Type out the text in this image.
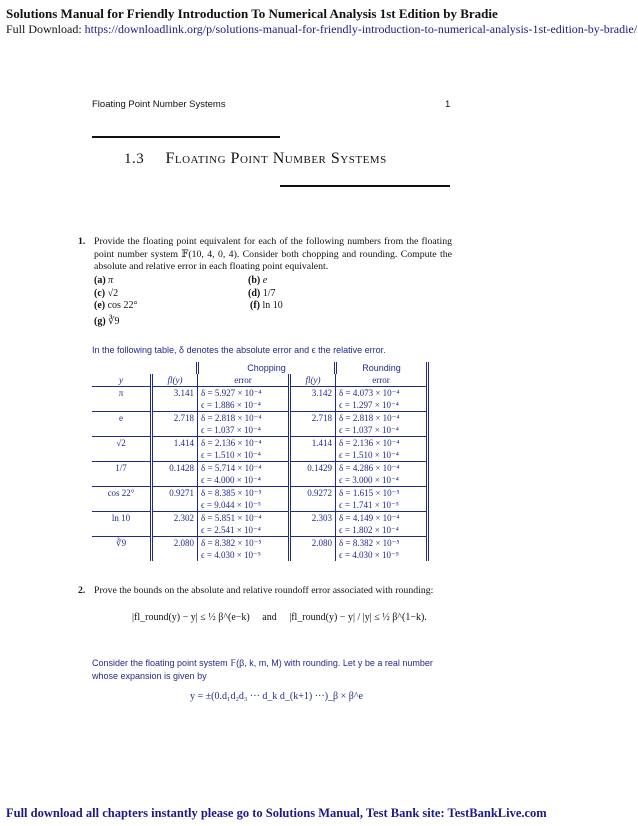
Solutions Manual for Friendly Introduction To Numerical Analysis 1st Edition by Bradie
Full Download: https://downloadlink.org/p/solutions-manual-for-friendly-introduction-to-numerical-analysis-1st-edition-by-bradie/
Floating Point Number Systems	1
1.3 Floating Point Number Systems
1. Provide the floating point equivalent for each of the following numbers from the floating point number system 𝔽(10, 4, 0, 4). Consider both chopping and rounding. Compute the absolute and relative error in each floating point equivalent.
(a) π	(b) e
(c) √2	(d) 1/7
(e) cos 22°	(f) ln 10
(g) ∛9
In the following table, δ denotes the absolute error and ϵ the relative error.
		Chopping		Rounding
y	fl(y)	error	fl(y)	error
π	3.141	δ = 5.927 × 10⁻⁴	3.142	δ = 4.073 × 10⁻⁴
		ϵ = 1.886 × 10⁻⁴		ϵ = 1.297 × 10⁻⁴
e	2.718	δ = 2.818 × 10⁻⁴	2.718	δ = 2.818 × 10⁻⁴
		ϵ = 1.037 × 10⁻⁴		ϵ = 1.037 × 10⁻⁴
√2	1.414	δ = 2.136 × 10⁻⁴	1.414	δ = 2.136 × 10⁻⁴
		ϵ = 1.510 × 10⁻⁴		ϵ = 1.510 × 10⁻⁴
1/7	0.1428	δ = 5.714 × 10⁻⁴	0.1429	δ = 4.286 × 10⁻⁴
		ϵ = 4.000 × 10⁻⁴		ϵ = 3.000 × 10⁻⁴
cos 22°	0.9271	δ = 8.385 × 10⁻⁵	0.9272	δ = 1.615 × 10⁻⁵
		ϵ = 9.044 × 10⁻⁵		ϵ = 1.741 × 10⁻⁵
ln 10	2.302	δ = 5.851 × 10⁻⁴	2.303	δ = 4.149 × 10⁻⁴
		ϵ = 2.541 × 10⁻⁴		ϵ = 1.802 × 10⁻⁴
∛9	2.080	δ = 8.382 × 10⁻⁵	2.080	δ = 8.382 × 10⁻⁵
		ϵ = 4.030 × 10⁻⁵		ϵ = 4.030 × 10⁻⁵
2. Prove the bounds on the absolute and relative roundoff error associated with rounding:
|fl_round(y) − y| ≤ ½ β^(e−k) and |fl_round(y) − y| / |y| ≤ ½ β^(1−k).
Consider the floating point system 𝔽(β, k, m, M) with rounding. Let y be a real number whose expansion is given by
y = ±(0.d₁d₂d₃ ··· d_k d_(k+1) ···)_β × β^e
Full download all chapters instantly please go to Solutions Manual, Test Bank site: TestBankLive.com
